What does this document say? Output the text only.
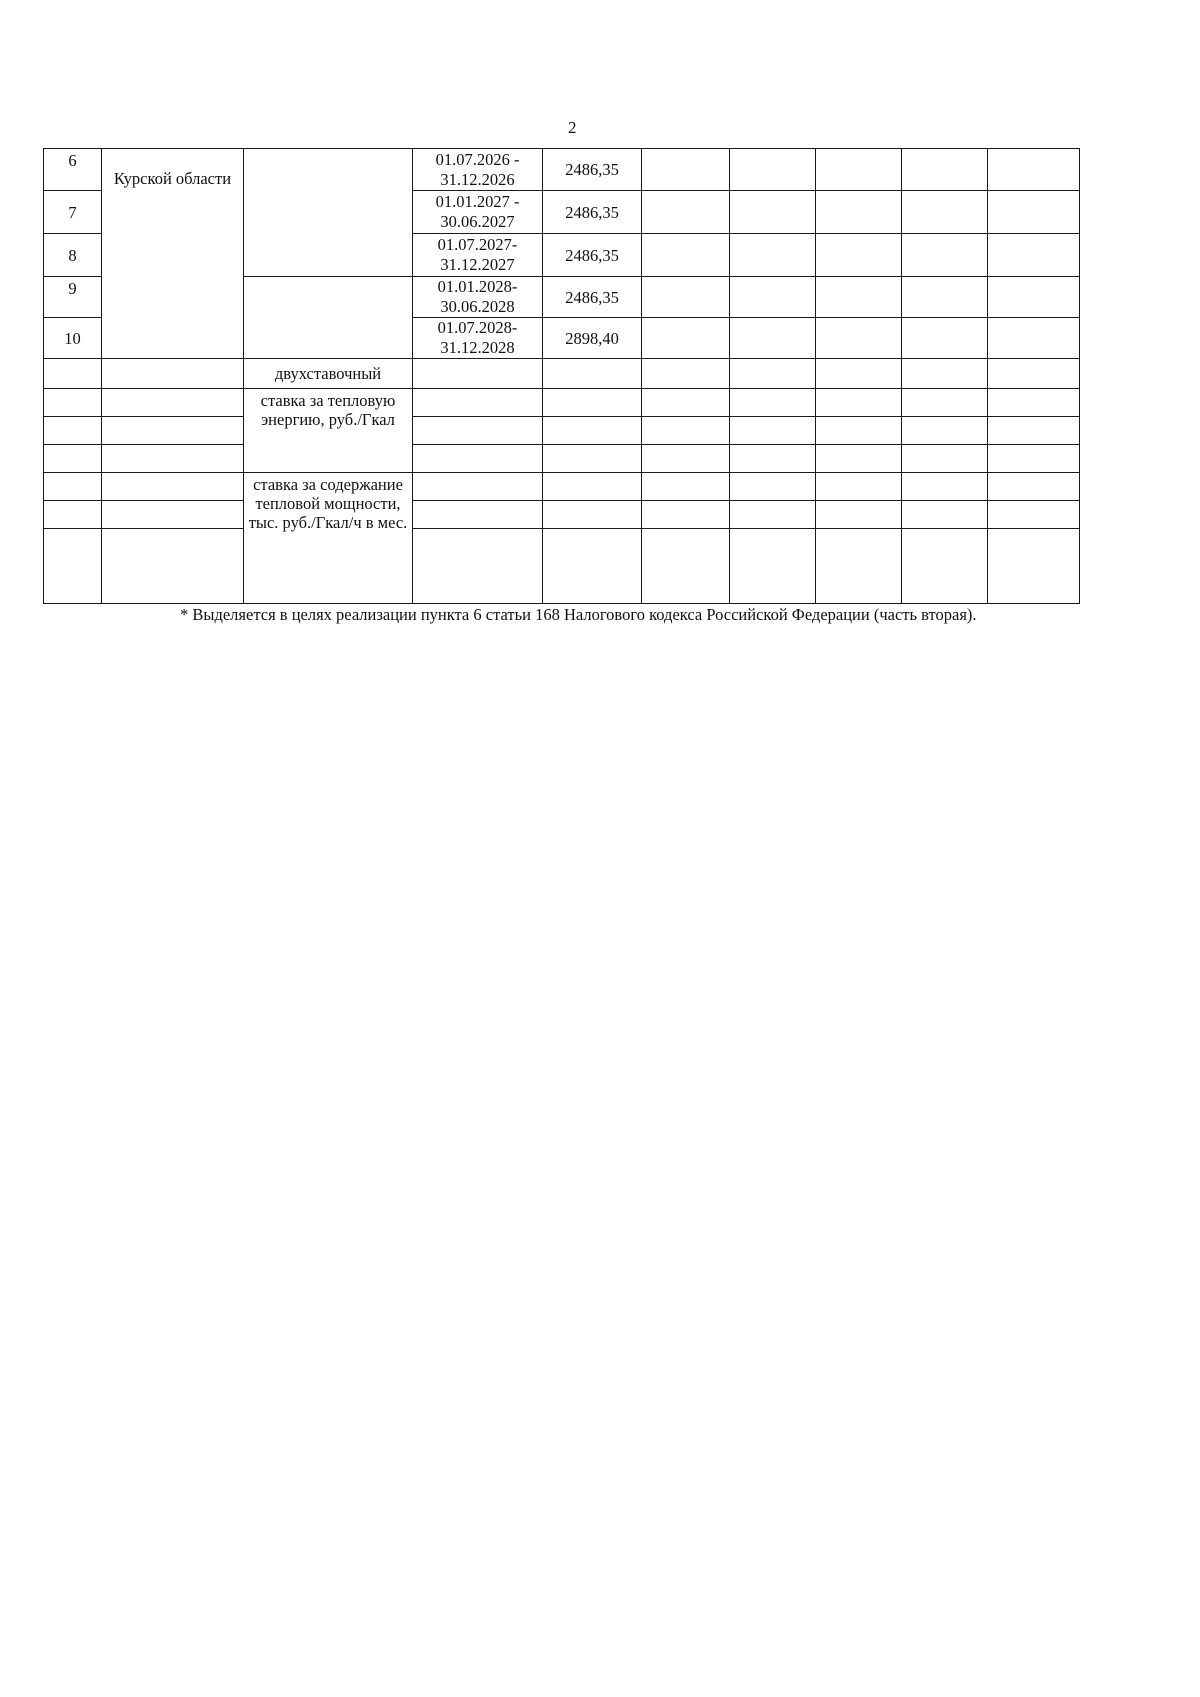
2
6	Курской области		01.07.2026 - 31.12.2026	2486,35					
7			01.01.2027 - 30.06.2027	2486,35					
8			01.07.2027- 31.12.2027	2486,35					
9			01.01.2028- 30.06.2028	2486,35					
10			01.07.2028- 31.12.2028	2898,40					
		двухставочный							
		ставка за тепловую энергию, руб./Гкал							

		ставка за содержание тепловой мощности, тыс. руб./Гкал/ч в мес.							

* Выделяется в целях реализации пункта 6 статьи 168 Налогового кодекса Российской Федерации (часть вторая).
